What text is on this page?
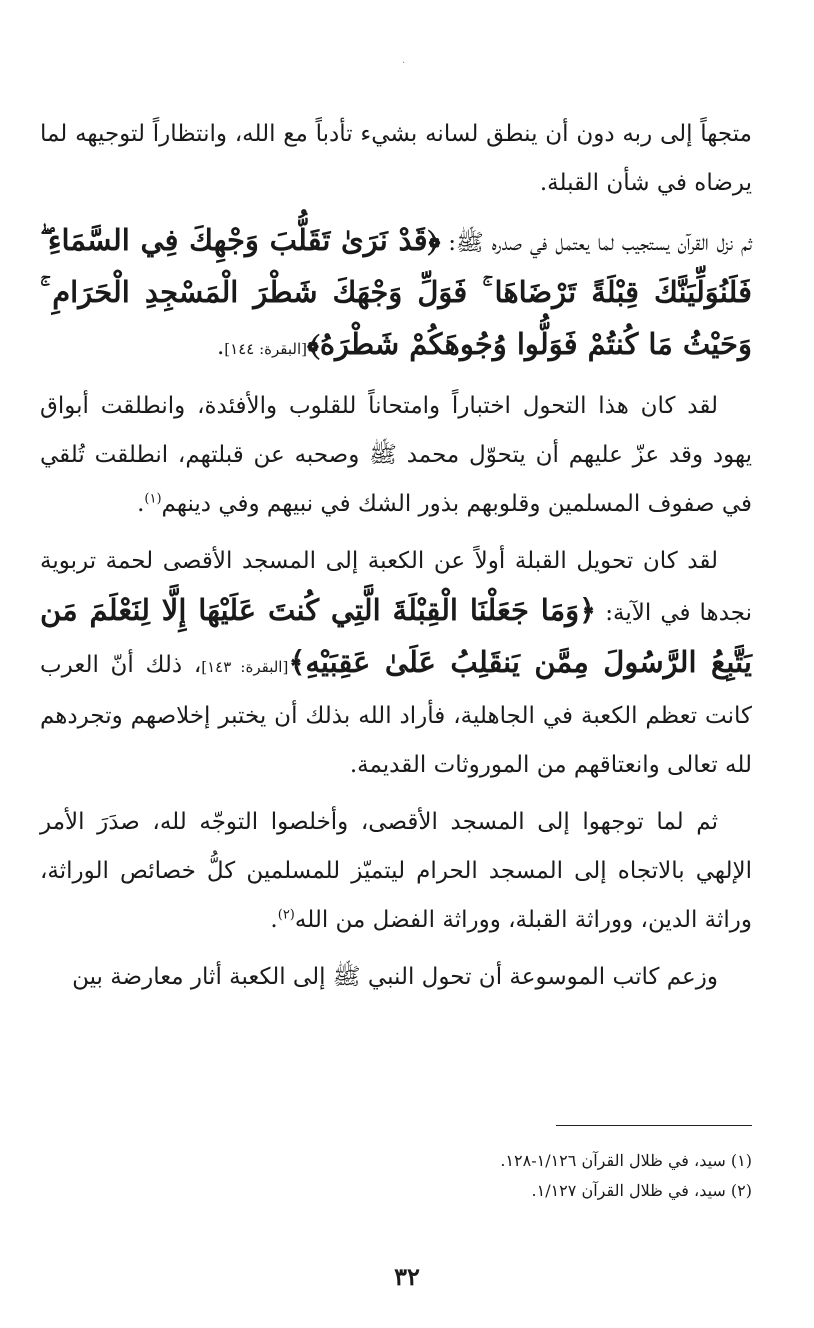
·

متجهاً إلى ربه دون أن ينطق لسانه بشيء تأدباً مع الله، وانتظاراً لتوجيهه لما يرضاه في شأن القبلة.

ثم نزل القرآن يستجيب لما يعتمل في صدره ﷺ: ﴿قَدْ نَرَىٰ تَقَلُّبَ وَجْهِكَ فِي السَّمَاءِ ۖ فَلَنُوَلِّيَنَّكَ قِبْلَةً تَرْضَاهَا ۚ فَوَلِّ وَجْهَكَ شَطْرَ الْمَسْجِدِ الْحَرَامِ ۚ وَحَيْثُ مَا كُنتُمْ فَوَلُّوا وُجُوهَكُمْ شَطْرَهُ﴾[البقرة: ١٤٤].

لقد كان هذا التحول اختباراً وامتحاناً للقلوب والأفئدة، وانطلقت أبواق يهود وقد عزّ عليهم أن يتحوّل محمد ﷺ وصحبه عن قبلتهم، انطلقت تُلقي في صفوف المسلمين وقلوبهم بذور الشك في نبيهم وفي دينهم$^{(١)}$.

لقد كان تحويل القبلة أولاً عن الكعبة إلى المسجد الأقصى لحمة تربوية نجدها في الآية: ﴿وَمَا جَعَلْنَا الْقِبْلَةَ الَّتِي كُنتَ عَلَيْهَا إِلَّا لِنَعْلَمَ مَن يَتَّبِعُ الرَّسُولَ مِمَّن يَنقَلِبُ عَلَىٰ عَقِبَيْهِ﴾[البقرة: ١٤٣]، ذلك أنّ العرب كانت تعظم الكعبة في الجاهلية، فأراد الله بذلك أن يختبر إخلاصهم وتجردهم لله تعالى وانعتاقهم من الموروثات القديمة.

ثم لما توجهوا إلى المسجد الأقصى، وأخلصوا التوجّه لله، صدَرَ الأمر الإلهي بالاتجاه إلى المسجد الحرام ليتميّز للمسلمين كلُّ خصائص الوراثة، وراثة الدين، ووراثة القبلة، ووراثة الفضل من الله$^{(٢)}$.

وزعم كاتب الموسوعة أن تحول النبي ﷺ إلى الكعبة أثار معارضة بين

(١) سيد، في ظلال القرآن ١/١٢٦-١٢٨.

(٢) سيد، في ظلال القرآن ١/١٢٧.

٣٢
